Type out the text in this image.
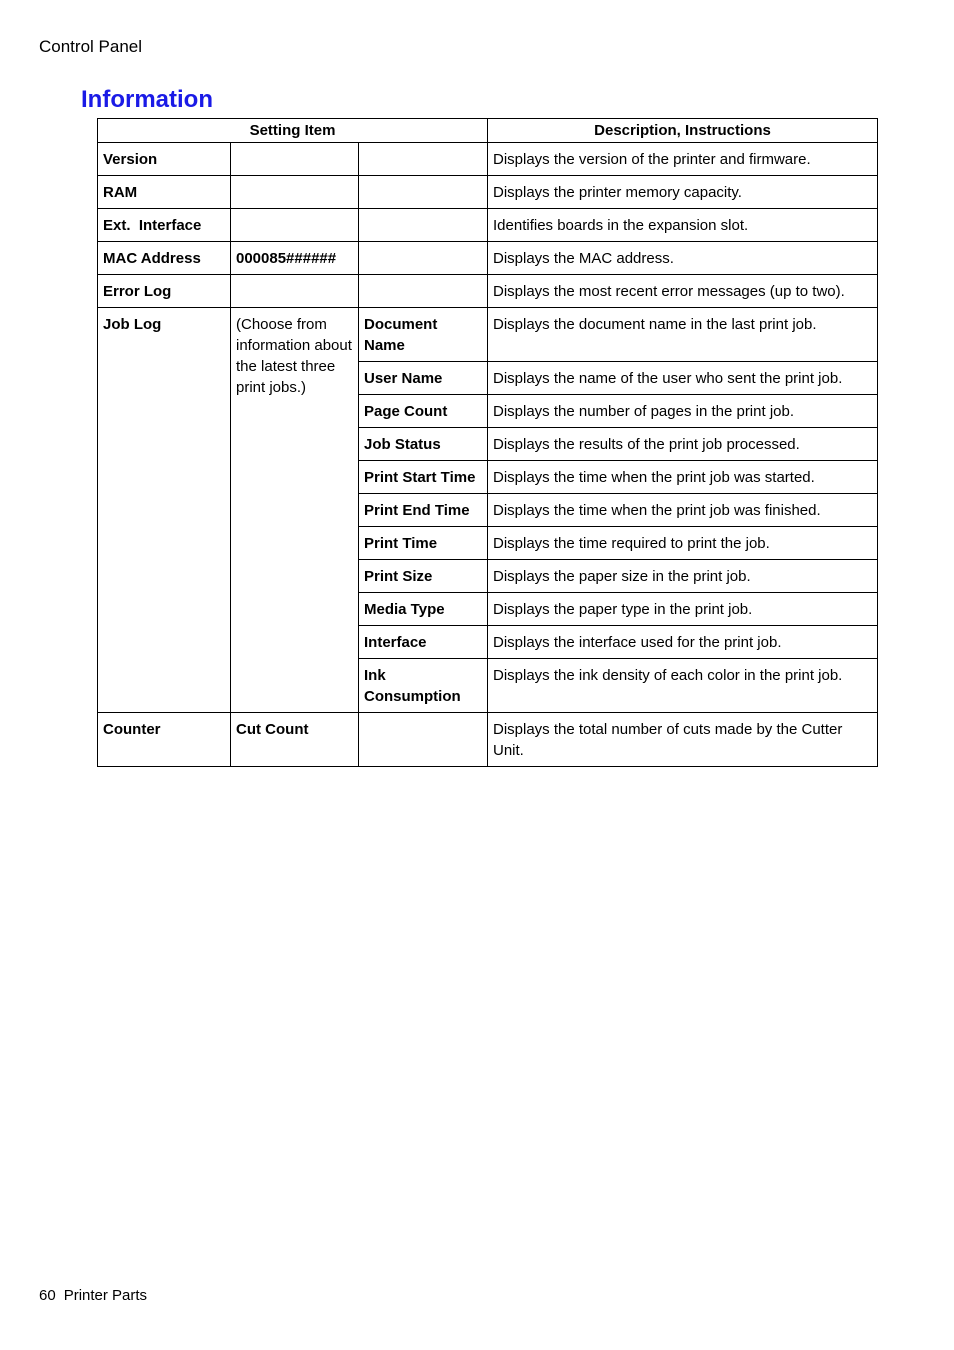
Control Panel
Information
Setting Item			Description, Instructions
Version			Displays the version of the printer and firmware.
RAM			Displays the printer memory capacity.
Ext.  Interface			Identifies boards in the expansion slot.
MAC Address	000085######		Displays the MAC address.
Error Log			Displays the most recent error messages (up to two).
Job Log	(Choose from information about the latest three print jobs.)	Document Name	Displays the document name in the last print job.
		User Name	Displays the name of the user who sent the print job.
		Page Count	Displays the number of pages in the print job.
		Job Status	Displays the results of the print job processed.
		Print Start Time	Displays the time when the print job was started.
		Print End Time	Displays the time when the print job was finished.
		Print Time	Displays the time required to print the job.
		Print Size	Displays the paper size in the print job.
		Media Type	Displays the paper type in the print job.
		Interface	Displays the interface used for the print job.
		Ink Consumption	Displays the ink density of each color in the print job.
Counter	Cut Count		Displays the total number of cuts made by the Cutter Unit.
60 Printer Parts
